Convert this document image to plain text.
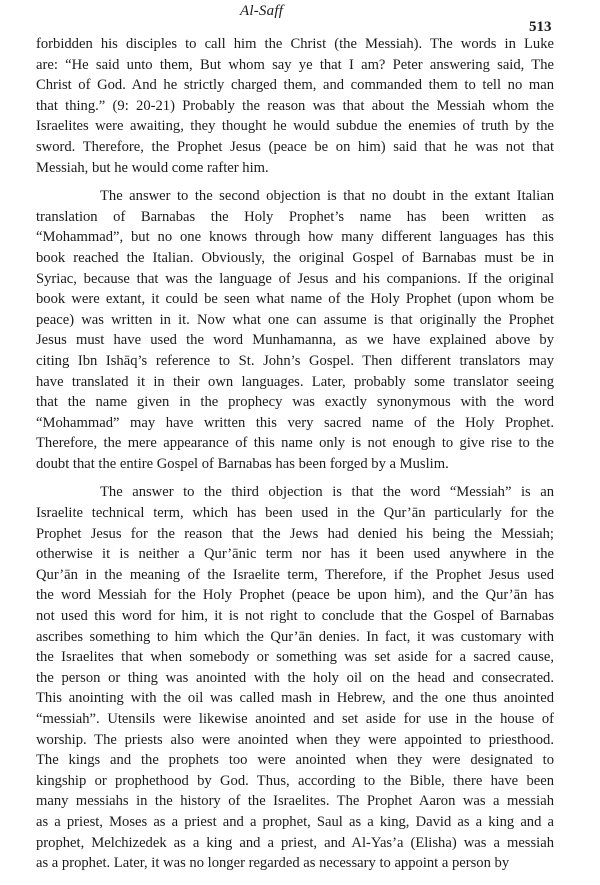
Al-Saff
513
forbidden his disciples to call him the Christ (the Messiah). The words in Luke
are: “He said unto them, But whom say ye that I am? Peter answering said, The
Christ of God. And he strictly charged them, and commanded them to tell no man
that thing.” (9: 20-21) Probably the reason was that about the Messiah whom the
Israelites were awaiting, they thought he would subdue the enemies of truth by the
sword. Therefore, the Prophet Jesus (peace be on him) said that he was not that
Messiah, but he would come rafter him.
The answer to the second objection is that no doubt in the extant Italian
translation of Barnabas the Holy Prophet’s name has been written as
“Mohammad”, but no one knows through how many different languages has this
book reached the Italian. Obviously, the original Gospel of Barnabas must be in
Syriac, because that was the language of Jesus and his companions. If the original
book were extant, it could be seen what name of the Holy Prophet (upon whom be
peace) was written in it. Now what one can assume is that originally the Prophet
Jesus must have used the word Munhamanna, as we have explained above by
citing Ibn Ishāq’s reference to St. John’s Gospel. Then different translators may
have translated it in their own languages. Later, probably some translator seeing
that the name given in the prophecy was exactly synonymous with the word
“Mohammad” may have written this very sacred name of the Holy Prophet.
Therefore, the mere appearance of this name only is not enough to give rise to the
doubt that the entire Gospel of Barnabas has been forged by a Muslim.
The answer to the third objection is that the word “Messiah” is an
Israelite technical term, which has been used in the Qur’ān particularly for the
Prophet Jesus for the reason that the Jews had denied his being the Messiah;
otherwise it is neither a Qur’ānic term nor has it been used anywhere in the
Qur’ān in the meaning of the Israelite term, Therefore, if the Prophet Jesus used
the word Messiah for the Holy Prophet (peace be upon him), and the Qur’ān has
not used this word for him, it is not right to conclude that the Gospel of Barnabas
ascribes something to him which the Qur’ān denies. In fact, it was customary with
the Israelites that when somebody or something was set aside for a sacred cause,
the person or thing was anointed with the holy oil on the head and consecrated.
This anointing with the oil was called mash in Hebrew, and the one thus anointed
“messiah”. Utensils were likewise anointed and set aside for use in the house of
worship. The priests also were anointed when they were appointed to priesthood.
The kings and the prophets too were anointed when they were designated to
kingship or prophethood by God. Thus, according to the Bible, there have been
many messiahs in the history of the Israelites. The Prophet Aaron was a messiah
as a priest, Moses as a priest and a prophet, Saul as a king, David as a king and a
prophet, Melchizedek as a king and a priest, and Al-Yas’a (Elisha) was a messiah
as a prophet. Later, it was no longer regarded as necessary to appoint a person by
